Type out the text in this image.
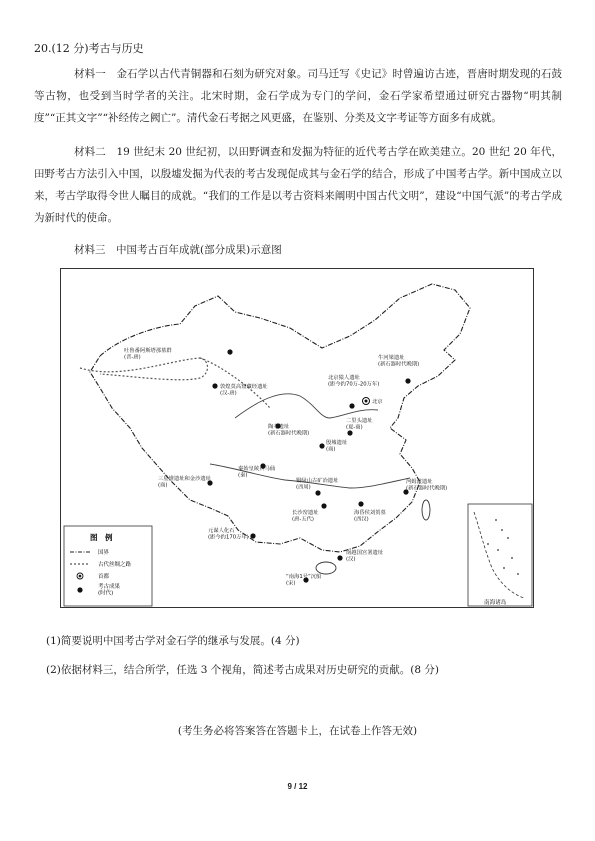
20.(12 分)考古与历史

材料一　金石学以古代青铜器和石刻为研究对象。司马迁写《史记》时曾遍访古迹，晋唐时期发现的石鼓等古物，也受到当时学者的关注。北宋时期，金石学成为专门的学问，金石学家希望通过研究古器物“明其制度”“正其文字”“补经传之阙亡”。清代金石考据之风更盛，在鉴别、分类及文字考证等方面多有成就。

材料二　19 世纪末 20 世纪初，以田野调查和发掘为特征的近代考古学在欧美建立。20 世纪 20 年代，田野考古方法引入中国，以殷墟发掘为代表的考古发现促成其与金石学的结合，形成了中国考古学。新中国成立以来，考古学取得令世人瞩目的成就。“我们的工作是以考古资料来阐明中国古代文明”，建设“中国气派”的考古学成为新时代的使命。

材料三　中国考古百年成就(部分成果)示意图
吐鲁番阿斯塔那墓群(晋-唐)
敦煌莫高窟藏经遗址(汉-唐)
牛河梁遗址(新石器时代晚期)
北京猿人遗址(距今约70万-20万年)
北京
殷墟遗址(商)
二里头遗址(夏-商)
陶寺遗址(新石器时代晚期)
秦始皇陵兵马俑(秦)
三星堆遗址和金沙遗址(商)
铜绿山古矿冶遗址(西周)
河姆渡遗址(新石器时代晚期)
长沙窑遗址(唐-五代)
海昏侯刘贺墓(西汉)
元谋人化石(距今约170万年)
“南海1号”沉船(宋)
南越国宫署遗址(汉)
图　例
国界
古代丝绸之路
首都
考古成果(时代)
南海诸岛
(1)简要说明中国考古学对金石学的继承与发展。(4 分)
(2)依据材料三，结合所学，任选 3 个视角，简述考古成果对历史研究的贡献。(8 分)
(考生务必将答案答在答题卡上，在试卷上作答无效)
9 / 12
